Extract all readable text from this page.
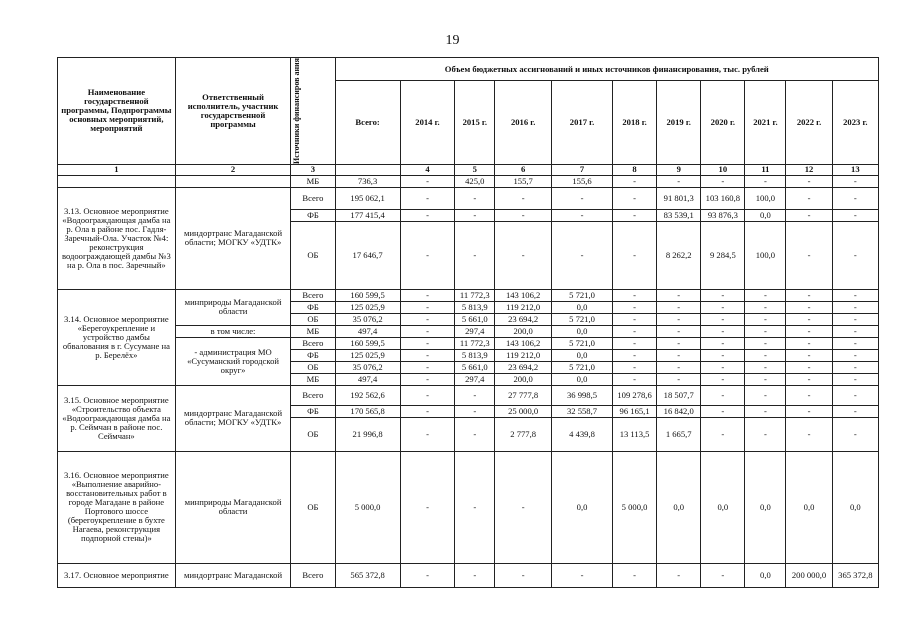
19
Наименование государственной программы, Подпрограммы основных мероприятий, мероприятий	Ответственный исполнитель, участник государственной программы	Источники финансиров ания	Объем бюджетных ассигнований и иных источников финансирования, тыс. рублей										
			Всего:	2014 г.	2015 г.	2016 г.	2017 г.	2018 г.	2019 г.	2020 г.	2021 г.	2022 г.	2023 г.
1	2	3		4	5	6	7	8	9	10	11	12	13
		МБ	736,3	-	425,0	155,7	155,6	-	-	-	-	-	-
3.13. Основное мероприятие «Водоограждающая дамба на р. Ола в районе пос. Гадля-Заречный-Ола. Участок №4: реконструкция водоограждающей дамбы №3 на р. Ола в пос. Заречный»	миндортранс Магаданской области; МОГКУ «УДТК»	Всего	195 062,1	-	-	-	-	-	91 801,3	103 160,8	100,0	-	-
		ФБ	177 415,4	-	-	-	-	-	83 539,1	93 876,3	0,0	-	-
		ОБ	17 646,7	-	-	-	-	-	8 262,2	9 284,5	100,0	-	-
3.14. Основное мероприятие «Берегоукрепление и устройство дамбы обвалования в г. Сусумане на р. Берелёх»	минприроды Магаданской области	Всего	160 599,5	-	11 772,3	143 106,2	5 721,0	-	-	-	-	-	-
		ФБ	125 025,9	-	5 813,9	119 212,0	0,0	-	-	-	-	-	-
		ОБ	35 076,2	-	5 661,0	23 694,2	5 721,0	-	-	-	-	-	-
	в том числе:	МБ	497,4	-	297,4	200,0	0,0	-	-	-	-	-	-
	- администрация МО «Сусуманский городской округ»	Всего	160 599,5	-	11 772,3	143 106,2	5 721,0	-	-	-	-	-	-
		ФБ	125 025,9	-	5 813,9	119 212,0	0,0	-	-	-	-	-	-
		ОБ	35 076,2	-	5 661,0	23 694,2	5 721,0	-	-	-	-	-	-
		МБ	497,4	-	297,4	200,0	0,0	-	-	-	-	-	-
3.15. Основное мероприятие «Строительство объекта «Водоограждающая дамба на р. Сеймчан в районе пос. Сеймчан»	миндортранс Магаданской области; МОГКУ «УДТК»	Всего	192 562,6	-	-	27 777,8	36 998,5	109 278,6	18 507,7	-	-	-	-
		ФБ	170 565,8	-	-	25 000,0	32 558,7	96 165,1	16 842,0	-	-	-	-
		ОБ	21 996,8	-	-	2 777,8	4 439,8	13 113,5	1 665,7	-	-	-	-
3.16. Основное мероприятие «Выполнение аварийно-восстановительных работ в городе Магадане в районе Портового шоссе (берегоукрепление в бухте Нагаева, реконструкция подпорной стены)»	минприроды Магаданской области	ОБ	5 000,0	-	-	-	0,0	5 000,0	0,0	0,0	0,0	0,0	0,0
3.17. Основное мероприятие	миндортранс Магаданской	Всего	565 372,8	-	-	-	-	-	-	-	0,0	200 000,0	365 372,8
